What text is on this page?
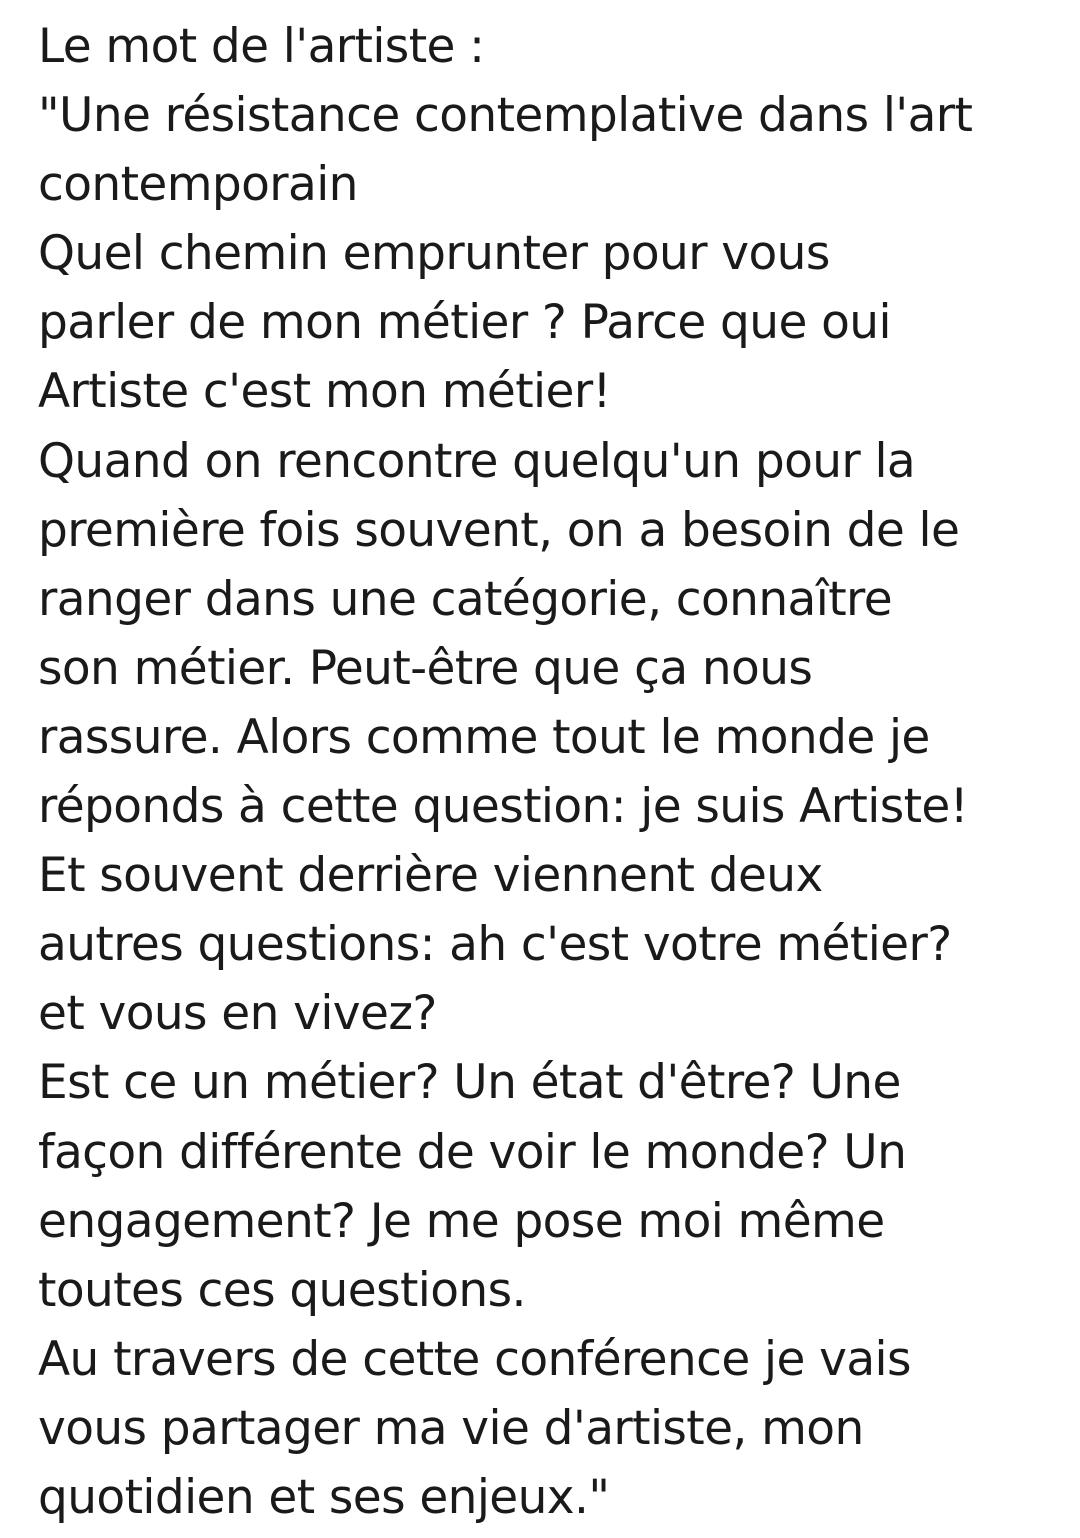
Le mot de l'artiste :
"Une résistance contemplative dans l'art
contemporain
Quel chemin emprunter pour vous
parler de mon métier ? Parce que oui
Artiste c'est mon métier!
Quand on rencontre quelqu'un pour la
première fois souvent, on a besoin de le
ranger dans une catégorie, connaître
son métier. Peut-être que ça nous
rassure. Alors comme tout le monde je
réponds à cette question: je suis Artiste!
Et souvent derrière viennent deux
autres questions: ah c'est votre métier?
et vous en vivez?
Est ce un métier? Un état d'être? Une
façon différente de voir le monde? Un
engagement? Je me pose moi même
toutes ces questions.
Au travers de cette conférence je vais
vous partager ma vie d'artiste, mon
quotidien et ses enjeux."
